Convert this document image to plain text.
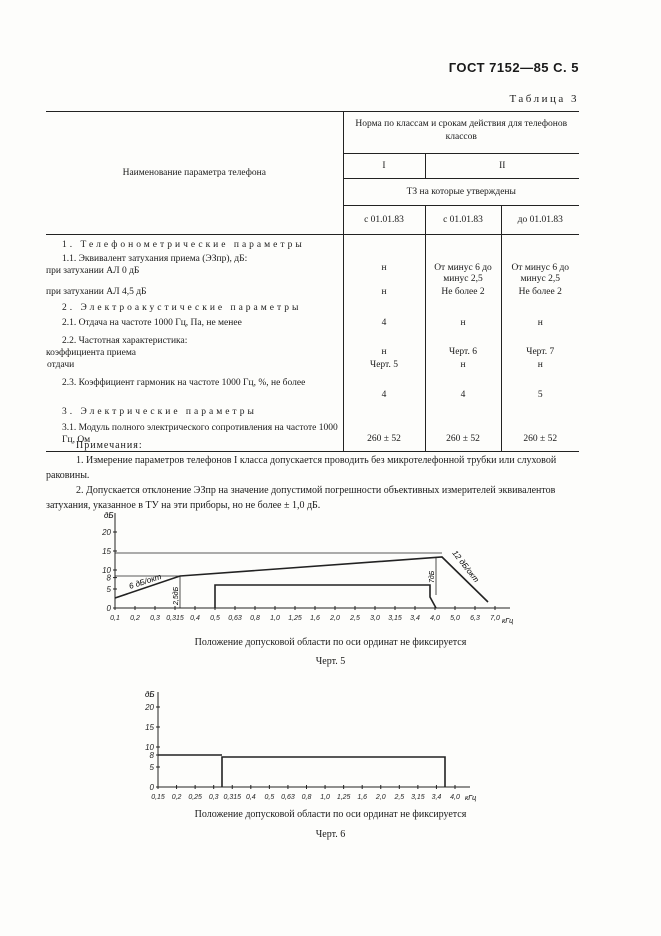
ГОСТ 7152—85 С. 5
Таблица 3
Наименование параметра телефона	Норма по классам и срокам действия для телефонов классов		
	I	II	
	ТЗ на которые утверждены		
	с 01.01.83	с 01.01.83	до 01.01.83
1. Телефонометрические параметры			

1.1. Эквивалент затухания приема (ЭЗпр), дБ:
при затухании АЛ 0 дБ	н	От минус 6 до минус 2,5	От минус 6 до минус 2,5
при затухании АЛ 4,5 дБ	н	Не более 2	Не более 2
2. Электроакустические параметры			
2.1. Отдача на частоте 1000 Гц, Па, не менее	4	н	н

2.2. Частотная характеристика:
коэффициента приема	н	Черт. 6	Черт. 7
отдачи	Черт. 5	н	н
2.3. Коэффициент гармоник на частоте 1000 Гц, %, не более	4	4	5
3. Электрические параметры			
3.1. Модуль полного электрического сопротивления на частоте 1000 Гц, Ом	260 ± 52	260 ± 52	260 ± 52
Примечания:
1. Измерение параметров телефонов I класса допускается проводить без микротелефонной трубки или слуховой раковины.
2. Допускается отклонение ЭЗпр на значение допустимой погрешности объективных измерителей эквивалентов затухания, указанное в ТУ на эти приборы, но не более ± 1,0 дБ.
0
5
8
10
15
20
0,1 0,2 0,3 0,315 0,4 0,5 0,63 0,8 1,0 1,25 1,6 2,0 2,5 3,0 3,15 3,4 4,0 5,0 6,3 7,0
дБ
кГц
6 дБ/окт
2,5дБ
12 дБ/окт
7дБ
Положение допусковой области по оси ординат не фиксируется
Черт. 5
0
5
8
10
15
20
0,15 0,2 0,25 0,3 0,315 0,4 0,5 0,63 0,8 1,0 1,25 1,6 2,0 2,5 3,15 3,4 4,0
дБ
кГц
Положение допусковой области по оси ординат не фиксируется
Черт. 6
